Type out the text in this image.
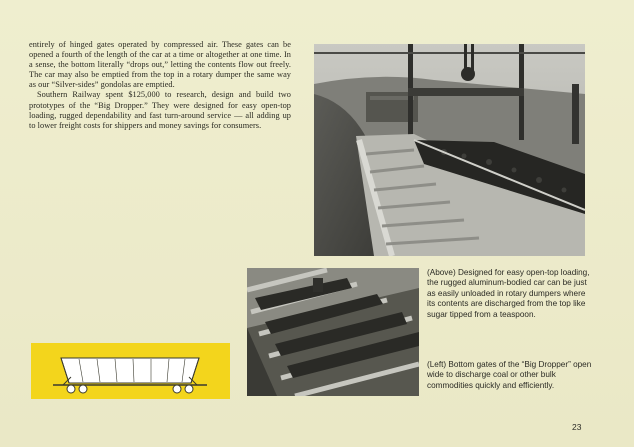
entirely of hinged gates operated by compressed air. These gates can be opened a fourth of the length of the car at a time or altogether at one time. In a sense, the bottom literally “drops out,” letting the contents flow out freely. The car may also be emptied from the top in a rotary dumper the same way as our “Silver-sides” gondolas are emptied.

Southern Railway spent $125,000 to research, design and build two prototypes of the “Big Dropper.” They were designed for easy open-top loading, rugged dependability and fast turn-around service — all adding up to lower freight costs for shippers and money savings for consumers.

(Above) Designed for easy open-top loading, the rugged aluminum-bodied car can be just as easily unloaded in rotary dumpers where its contents are discharged from the top like sugar tipped from a teaspoon.
(Left) Bottom gates of the “Big Dropper” open wide to discharge coal or other bulk commodities quickly and efficiently.
23
